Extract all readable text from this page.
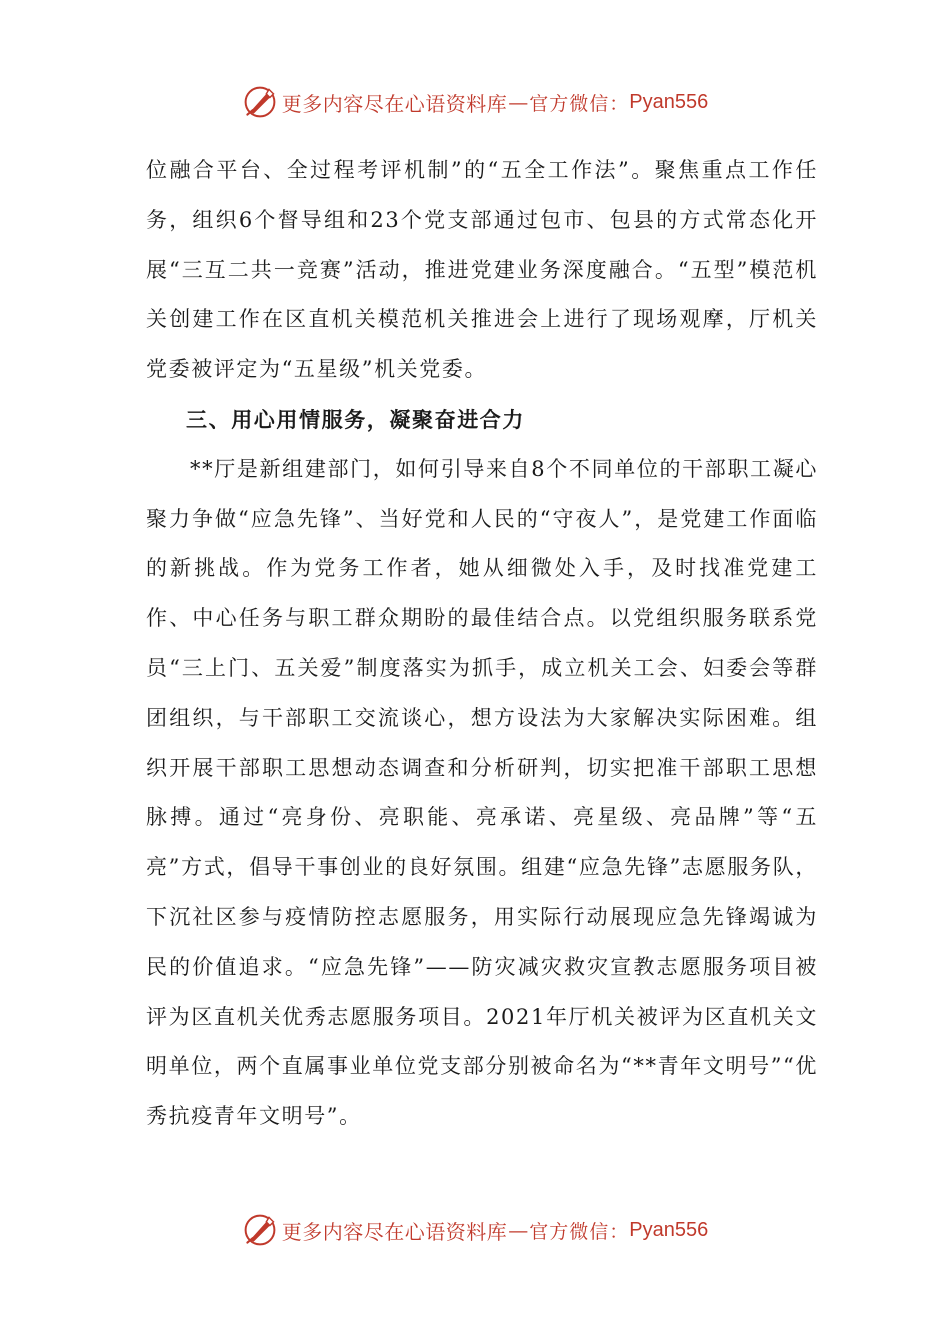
更多内容尽在心语资料库 — 官方微信： Pyan556

位融合平台、全过程考评机制”的“五全工作法”。聚焦重点工作任务，组织6个督导组和23个党支部通过包市、包县的方式常态化开展“三互二共一竞赛”活动，推进党建业务深度融合。“五型”模范机关创建工作在区直机关模范机关推进会上进行了现场观摩，厅机关党委被评定为“五星级”机关党委。

三、用心用情服务，凝聚奋进合力

**厅是新组建部门，如何引导来自8个不同单位的干部职工凝心聚力争做“应急先锋”、当好党和人民的“守夜人”，是党建工作面临的新挑战。作为党务工作者，她从细微处入手，及时找准党建工作、中心任务与职工群众期盼的最佳结合点。以党组织服务联系党员“三上门、五关爱”制度落实为抓手，成立机关工会、妇委会等群团组织，与干部职工交流谈心，想方设法为大家解决实际困难。组织开展干部职工思想动态调查和分析研判，切实把准干部职工思想脉搏。通过“亮身份、亮职能、亮承诺、亮星级、亮品牌”等“五亮”方式，倡导干事创业的良好氛围。组建“应急先锋”志愿服务队，下沉社区参与疫情防控志愿服务，用实际行动展现应急先锋竭诚为民的价值追求。“应急先锋”——防灾减灾救灾宣教志愿服务项目被评为区直机关优秀志愿服务项目。2021年厅机关被评为区直机关文明单位，两个直属事业单位党支部分别被命名为“**青年文明号”“优秀抗疫青年文明号”。

更多内容尽在心语资料库 — 官方微信： Pyan556
